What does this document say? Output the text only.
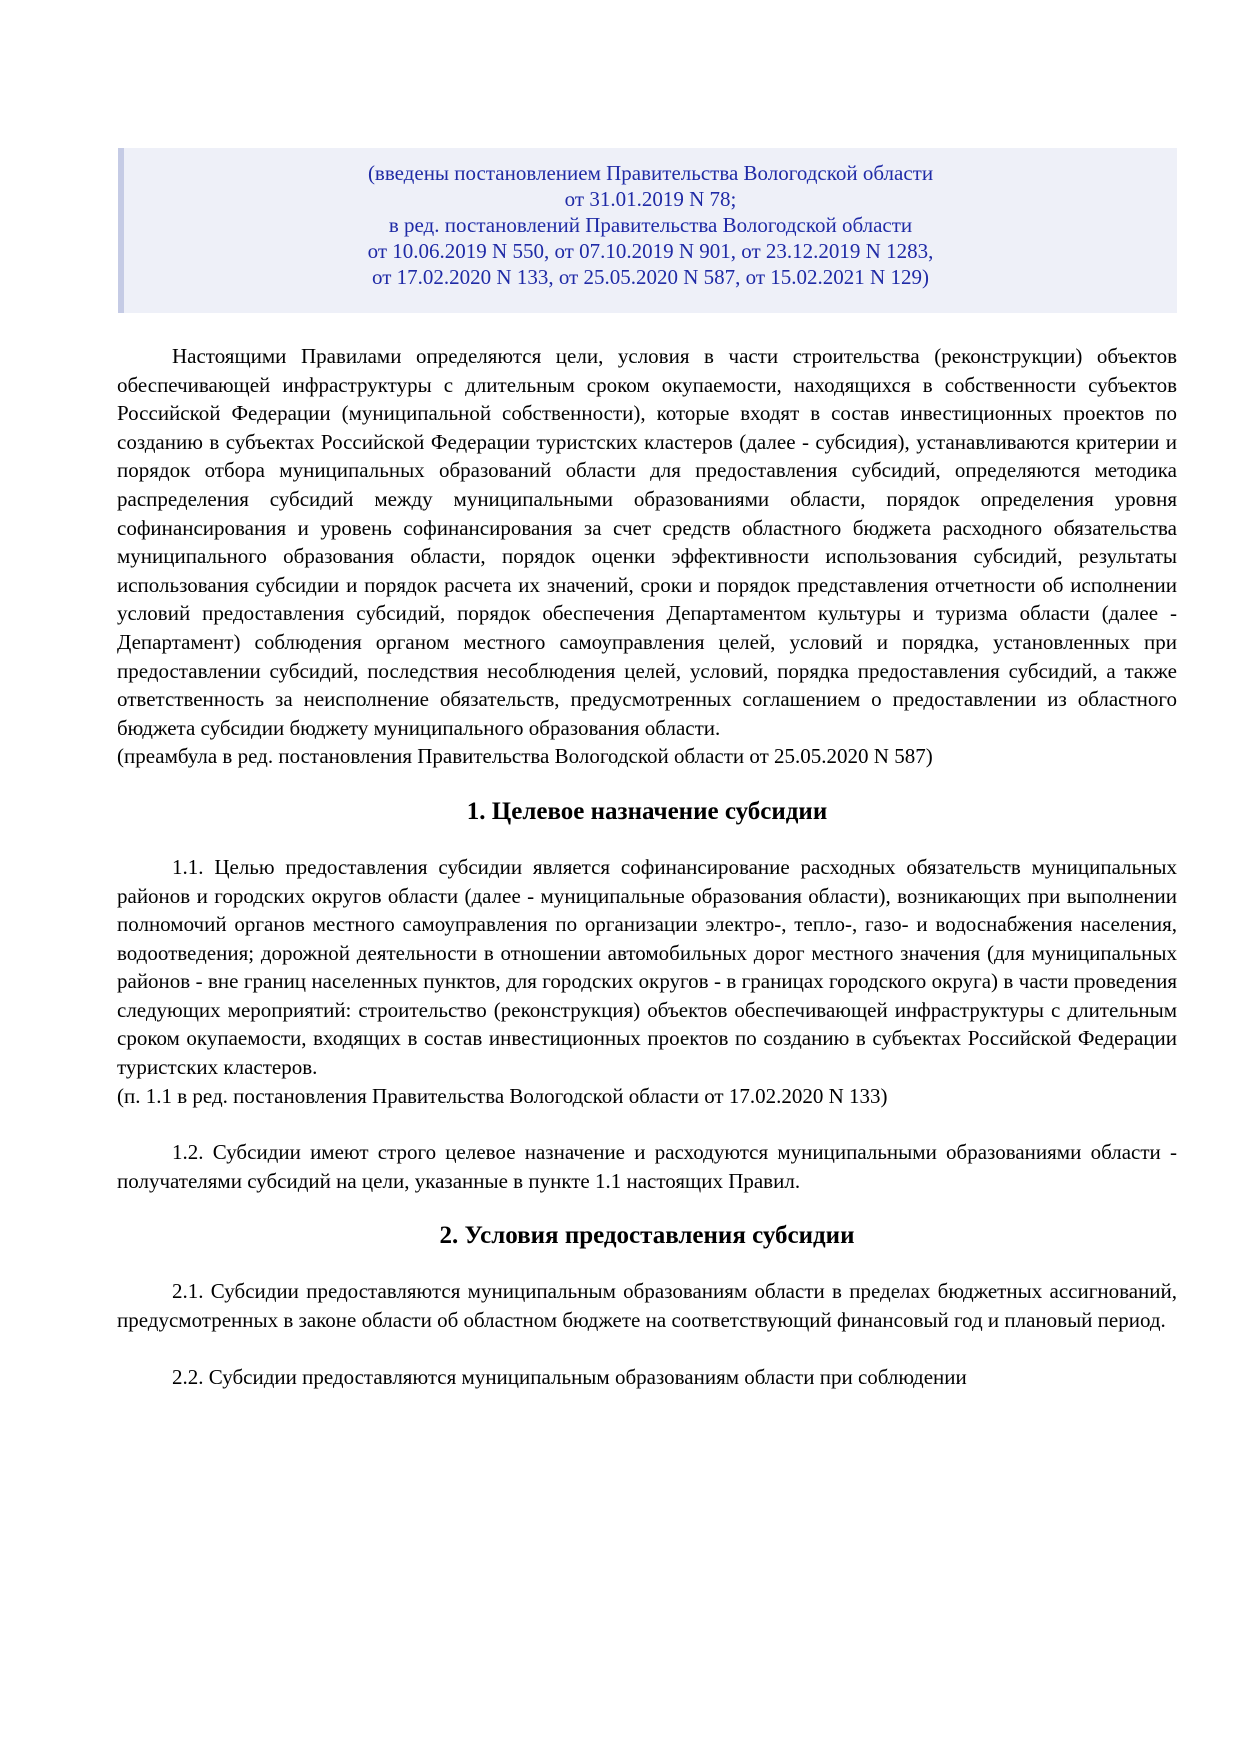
(введены постановлением Правительства Вологодской области
от 31.01.2019 N 78;
в ред. постановлений Правительства Вологодской области
от 10.06.2019 N 550, от 07.10.2019 N 901, от 23.12.2019 N 1283,
от 17.02.2020 N 133, от 25.05.2020 N 587, от 15.02.2021 N 129)

Настоящими Правилами определяются цели, условия в части строительства (реконструкции) объектов обеспечивающей инфраструктуры с длительным сроком окупаемости, находящихся в собственности субъектов Российской Федерации (муниципальной собственности), которые входят в состав инвестиционных проектов по созданию в субъектах Российской Федерации туристских кластеров (далее - субсидия), устанавливаются критерии и порядок отбора муниципальных образований области для предоставления субсидий, определяются методика распределения субсидий между муниципальными образованиями области, порядок определения уровня софинансирования и уровень софинансирования за счет средств областного бюджета расходного обязательства муниципального образования области, порядок оценки эффективности использования субсидий, результаты использования субсидии и порядок расчета их значений, сроки и порядок представления отчетности об исполнении условий предоставления субсидий, порядок обеспечения Департаментом культуры и туризма области (далее - Департамент) соблюдения органом местного самоуправления целей, условий и порядка, установленных при предоставлении субсидий, последствия несоблюдения целей, условий, порядка предоставления субсидий, а также ответственность за неисполнение обязательств, предусмотренных соглашением о предоставлении из областного бюджета субсидии бюджету муниципального образования области.

(преамбула в ред. постановления Правительства Вологодской области от 25.05.2020 N 587)

1. Целевое назначение субсидии

1.1. Целью предоставления субсидии является софинансирование расходных обязательств муниципальных районов и городских округов области (далее - муниципальные образования области), возникающих при выполнении полномочий органов местного самоуправления по организации электро-, тепло-, газо- и водоснабжения населения, водоотведения; дорожной деятельности в отношении автомобильных дорог местного значения (для муниципальных районов - вне границ населенных пунктов, для городских округов - в границах городского округа) в части проведения следующих мероприятий: строительство (реконструкция) объектов обеспечивающей инфраструктуры с длительным сроком окупаемости, входящих в состав инвестиционных проектов по созданию в субъектах Российской Федерации туристских кластеров.

(п. 1.1 в ред. постановления Правительства Вологодской области от 17.02.2020 N 133)

1.2. Субсидии имеют строго целевое назначение и расходуются муниципальными образованиями области - получателями субсидий на цели, указанные в пункте 1.1 настоящих Правил.

2. Условия предоставления субсидии

2.1. Субсидии предоставляются муниципальным образованиям области в пределах бюджетных ассигнований, предусмотренных в законе области об областном бюджете на соответствующий финансовый год и плановый период.

2.2. Субсидии предоставляются муниципальным образованиям области при соблюдении
